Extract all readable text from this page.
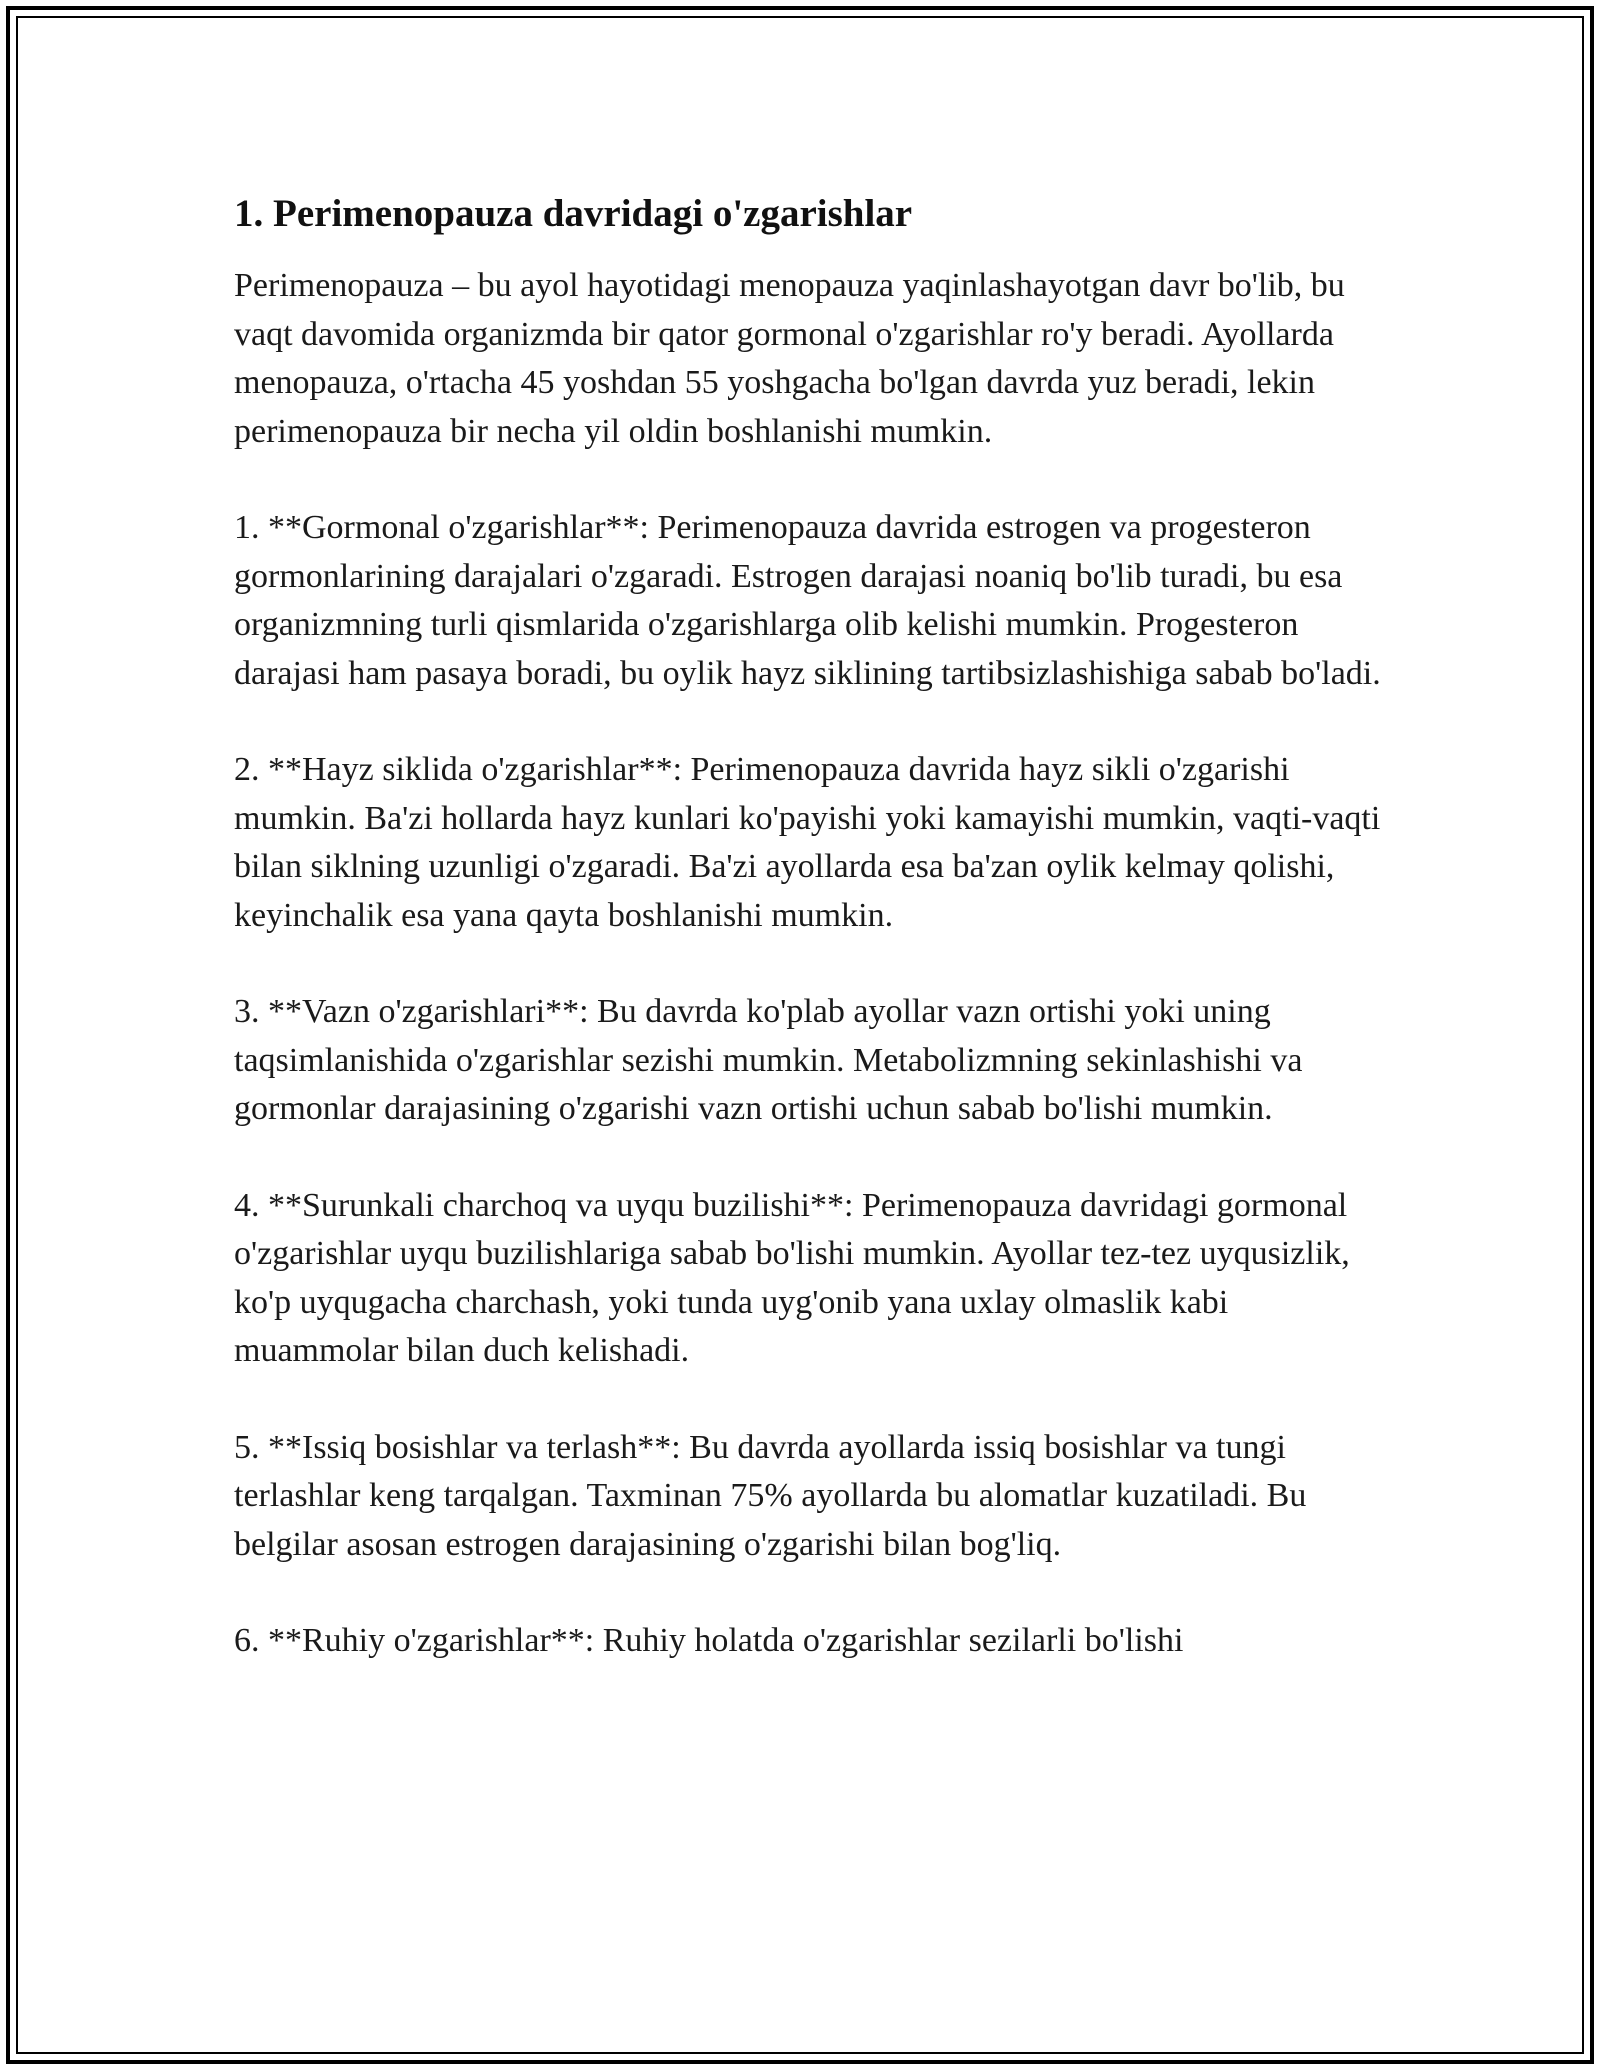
1. Perimenopauza davridagi o'zgarishlar

Perimenopauza – bu ayol hayotidagi menopauza yaqinlashayotgan davr bo'lib, bu vaqt davomida organizmda bir qator gormonal o'zgarishlar ro'y beradi. Ayollarda menopauza, o'rtacha 45 yoshdan 55 yoshgacha bo'lgan davrda yuz beradi, lekin perimenopauza bir necha yil oldin boshlanishi mumkin.

1. **Gormonal o'zgarishlar**: Perimenopauza davrida estrogen va progesteron gormonlarining darajalari o'zgaradi. Estrogen darajasi noaniq bo'lib turadi, bu esa organizmning turli qismlarida o'zgarishlarga olib kelishi mumkin. Progesteron darajasi ham pasaya boradi, bu oylik hayz siklining tartibsizlashishiga sabab bo'ladi.

2. **Hayz siklida o'zgarishlar**: Perimenopauza davrida hayz sikli o'zgarishi mumkin. Ba'zi hollarda hayz kunlari ko'payishi yoki kamayishi mumkin, vaqti-vaqti bilan siklning uzunligi o'zgaradi. Ba'zi ayollarda esa ba'zan oylik kelmay qolishi, keyinchalik esa yana qayta boshlanishi mumkin.

3. **Vazn o'zgarishlari**: Bu davrda ko'plab ayollar vazn ortishi yoki uning taqsimlanishida o'zgarishlar sezishi mumkin. Metabolizmning sekinlashishi va gormonlar darajasining o'zgarishi vazn ortishi uchun sabab bo'lishi mumkin.

4. **Surunkali charchoq va uyqu buzilishi**: Perimenopauza davridagi gormonal o'zgarishlar uyqu buzilishlariga sabab bo'lishi mumkin. Ayollar tez-tez uyqusizlik, ko'p uyqugacha charchash, yoki tunda uyg'onib yana uxlay olmaslik kabi muammolar bilan duch kelishadi.

5. **Issiq bosishlar va terlash**: Bu davrda ayollarda issiq bosishlar va tungi terlashlar keng tarqalgan. Taxminan 75% ayollarda bu alomatlar kuzatiladi. Bu belgilar asosan estrogen darajasining o'zgarishi bilan bog'liq.

6. **Ruhiy o'zgarishlar**: Ruhiy holatda o'zgarishlar sezilarli bo'lishi
